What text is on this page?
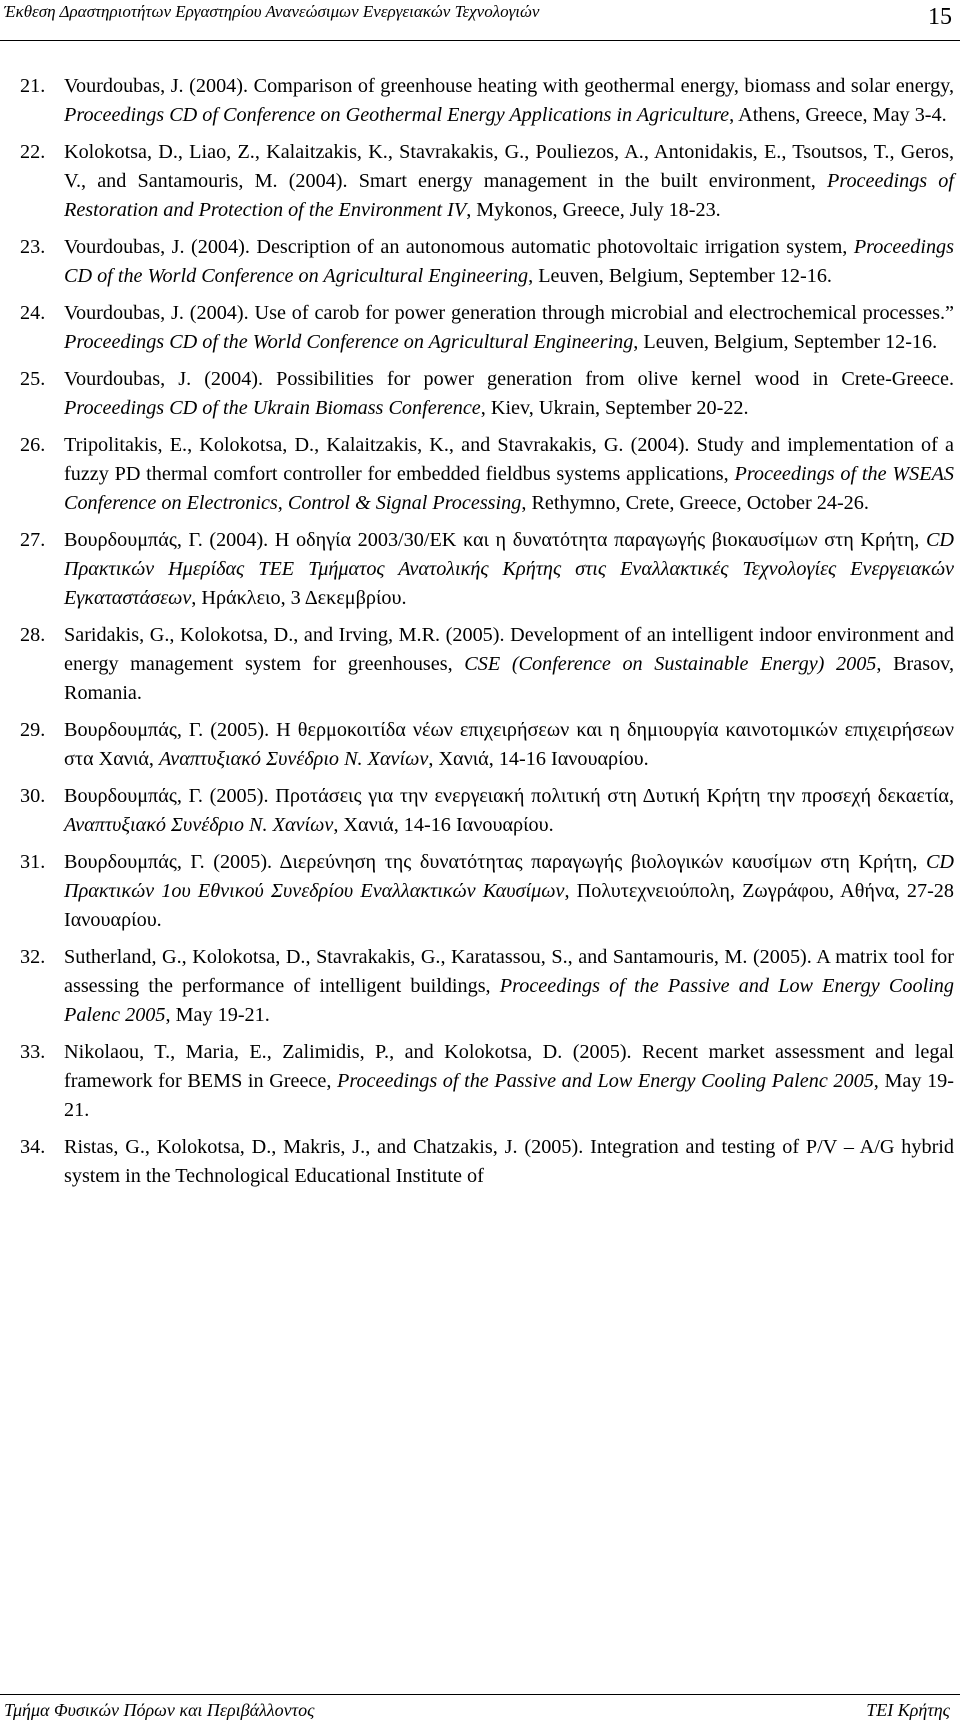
Έκθεση Δραστηριοτήτων Εργαστηρίου Ανανεώσιμων Ενεργειακών Τεχνολογιών	15

21. Vourdoubas, J. (2004). Comparison of greenhouse heating with geothermal energy, biomass and solar energy, Proceedings CD of Conference on Geothermal Energy Applications in Agriculture, Athens, Greece, May 3-4.

22. Kolokotsa, D., Liao, Z., Kalaitzakis, K., Stavrakakis, G., Pouliezos, A., Antonidakis, E., Tsoutsos, T., Geros, V., and Santamouris, M. (2004). Smart energy management in the built environment, Proceedings of Restoration and Protection of the Environment IV, Mykonos, Greece, July 18-23.

23. Vourdoubas, J. (2004). Description of an autonomous automatic photovoltaic irrigation system, Proceedings CD of the World Conference on Agricultural Engineering, Leuven, Belgium, September 12-16.

24. Vourdoubas, J. (2004). Use of carob for power generation through microbial and electrochemical processes.” Proceedings CD of the World Conference on Agricultural Engineering, Leuven, Belgium, September 12-16.

25. Vourdoubas, J. (2004). Possibilities for power generation from olive kernel wood in Crete-Greece. Proceedings CD of the Ukrain Biomass Conference, Kiev, Ukrain, September 20-22.

26. Tripolitakis, E., Kolokotsa, D., Kalaitzakis, K., and Stavrakakis, G. (2004). Study and implementation of a fuzzy PD thermal comfort controller for embedded fieldbus systems applications, Proceedings of the WSEAS Conference on Electronics, Control & Signal Processing, Rethymno, Crete, Greece, October 24-26.

27. Βουρδουμπάς, Γ. (2004). Η οδηγία 2003/30/ΕΚ και η δυνατότητα παραγωγής βιοκαυσίμων στη Κρήτη, CD Πρακτικών Ημερίδας ΤΕΕ Τμήματος Ανατολικής Κρήτης στις Εναλλακτικές Τεχνολογίες Ενεργειακών Εγκαταστάσεων, Ηράκλειο, 3 Δεκεμβρίου.

28. Saridakis, G., Kolokotsa, D., and Irving, M.R. (2005). Development of an intelligent indoor environment and energy management system for greenhouses, CSE (Conference on Sustainable Energy) 2005, Brasov, Romania.

29. Βουρδουμπάς, Γ. (2005). Η θερμοκοιτίδα νέων επιχειρήσεων και η δημιουργία καινοτομικών επιχειρήσεων στα Χανιά, Αναπτυξιακό Συνέδριο Ν. Χανίων, Χανιά, 14-16 Ιανουαρίου.

30. Βουρδουμπάς, Γ. (2005). Προτάσεις για την ενεργειακή πολιτική στη Δυτική Κρήτη την προσεχή δεκαετία, Αναπτυξιακό Συνέδριο Ν. Χανίων, Χανιά, 14-16 Ιανουαρίου.

31. Βουρδουμπάς, Γ. (2005). Διερεύνηση της δυνατότητας παραγωγής βιολογικών καυσίμων στη Κρήτη, CD Πρακτικών 1ου Εθνικού Συνεδρίου Εναλλακτικών Καυσίμων, Πολυτεχνειούπολη, Ζωγράφου, Αθήνα, 27-28 Ιανουαρίου.

32. Sutherland, G., Kolokotsa, D., Stavrakakis, G., Karatassou, S., and Santamouris, M. (2005). A matrix tool for assessing the performance of intelligent buildings, Proceedings of the Passive and Low Energy Cooling Palenc 2005, May 19-21.

33. Nikolaou, T., Maria, E., Zalimidis, P., and Kolokotsa, D. (2005). Recent market assessment and legal framework for BEMS in Greece, Proceedings of the Passive and Low Energy Cooling Palenc 2005, May 19-21.

34. Ristas, G., Kolokotsa, D., Makris, J., and Chatzakis, J. (2005). Integration and testing of P/V – A/G hybrid system in the Technological Educational Institute of

Τμήμα Φυσικών Πόρων και Περιβάλλοντος	ΤΕΙ Κρήτης
